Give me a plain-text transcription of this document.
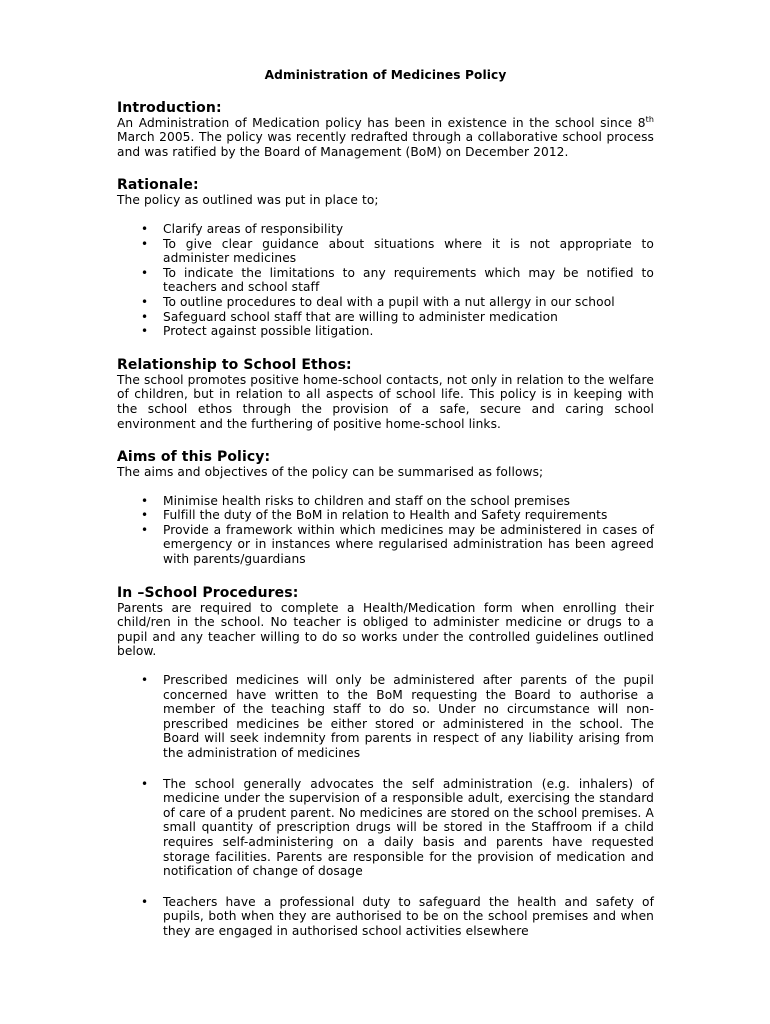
Administration of Medicines Policy
Introduction:

An Administration of Medication policy has been in existence in the school since 8th March 2005. The policy was recently redrafted through a collaborative school process and was ratified by the Board of Management (BoM) on December 2012.

Rationale:

The policy as outlined was put in place to;

• Clarify areas of responsibility
• To give clear guidance about situations where it is not appropriate to administer medicines
• To indicate the limitations to any requirements which may be notified to teachers and school staff
• To outline procedures to deal with a pupil with a nut allergy in our school
• Safeguard school staff that are willing to administer medication
• Protect against possible litigation.
Relationship to School Ethos:

The school promotes positive home-school contacts, not only in relation to the welfare of children, but in relation to all aspects of school life. This policy is in keeping with the school ethos through the provision of a safe, secure and caring school environment and the furthering of positive home-school links.

Aims of this Policy:

The aims and objectives of the policy can be summarised as follows;

• Minimise health risks to children and staff on the school premises
• Fulfill the duty of the BoM in relation to Health and Safety requirements
• Provide a framework within which medicines may be administered in cases of emergency or in instances where regularised administration has been agreed with parents/guardians
In –School Procedures:

Parents are required to complete a Health/Medication form when enrolling their child/ren in the school. No teacher is obliged to administer medicine or drugs to a pupil and any teacher willing to do so works under the controlled guidelines outlined below.

• Prescribed medicines will only be administered after parents of the pupil concerned have written to the BoM requesting the Board to authorise a member of the teaching staff to do so. Under no circumstance will non-prescribed medicines be either stored or administered in the school. The Board will seek indemnity from parents in respect of any liability arising from the administration of medicines
• The school generally advocates the self administration (e.g. inhalers) of medicine under the supervision of a responsible adult, exercising the standard of care of a prudent parent. No medicines are stored on the school premises. A small quantity of prescription drugs will be stored in the Staffroom if a child requires self-administering on a daily basis and parents have requested storage facilities. Parents are responsible for the provision of medication and notification of change of dosage
• Teachers have a professional duty to safeguard the health and safety of pupils, both when they are authorised to be on the school premises and when they are engaged in authorised school activities elsewhere
